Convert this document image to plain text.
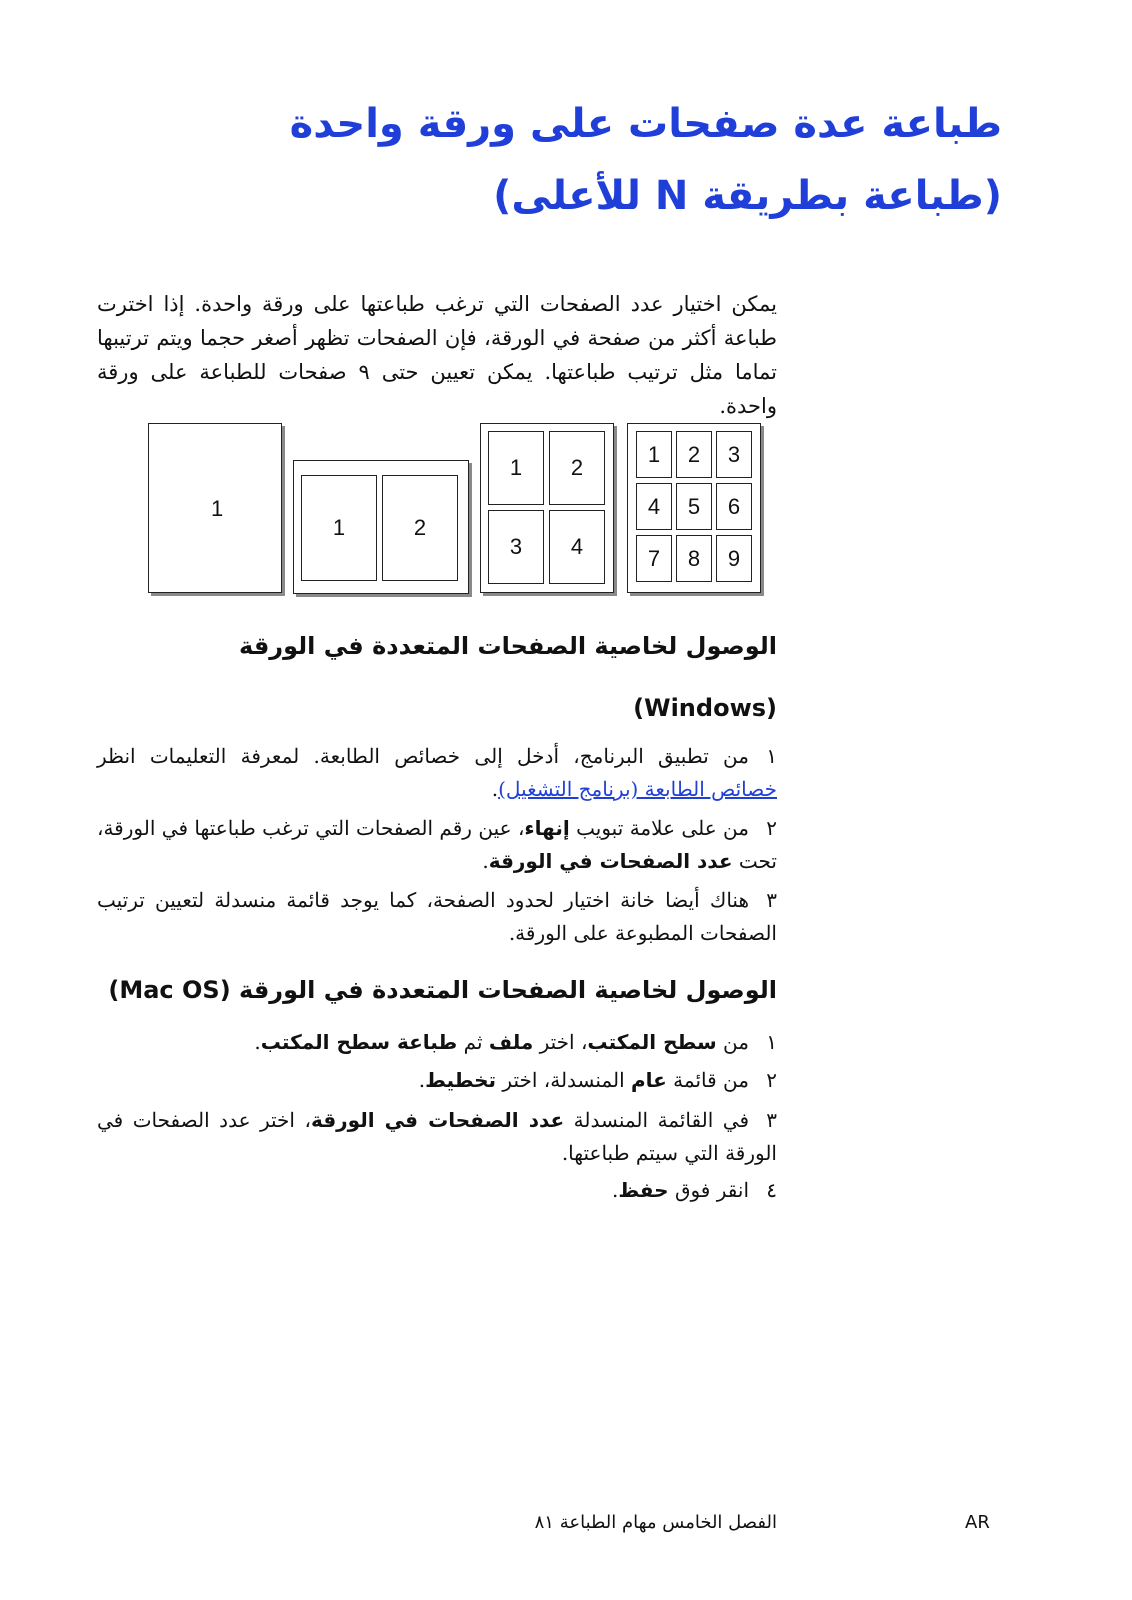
طباعة عدة صفحات على ورقة واحدة
(طباعة بطريقة N للأعلى)

يمكن اختيار عدد الصفحات التي ترغب طباعتها على ورقة واحدة. إذا اخترت طباعة أكثر من صفحة في الورقة، فإن الصفحات تظهر أصغر حجما ويتم ترتيبها تماما مثل ترتيب طباعتها. يمكن تعيين حتى ٩ صفحات للطباعة على ورقة واحدة.

1
1	2
1 2
3 4
1 2 3
4 5 6
7 8 9
الوصول لخاصية الصفحات المتعددة في الورقة
(Windows)
١
من تطبيق البرنامج، أدخل إلى خصائص الطابعة. لمعرفة التعليمات انظر خصائص الطابعة (برنامج التشغيل).
٢
من على علامة تبويب إنهاء، عين رقم الصفحات التي ترغب طباعتها في الورقة، تحت عدد الصفحات في الورقة.
٣
هناك أيضا خانة اختيار لحدود الصفحة، كما يوجد قائمة منسدلة لتعيين ترتيب الصفحات المطبوعة على الورقة.
الوصول لخاصية الصفحات المتعددة في الورقة (Mac OS)
١
من سطح المكتب، اختر ملف ثم طباعة سطح المكتب.
٢
من قائمة عام المنسدلة، اختر تخطيط.
٣
في القائمة المنسدلة عدد الصفحات في الورقة، اختر عدد الصفحات في الورقة التي سيتم طباعتها.
٤
انقر فوق حفظ.
AR
الفصل الخامس مهام الطباعة ٨١
